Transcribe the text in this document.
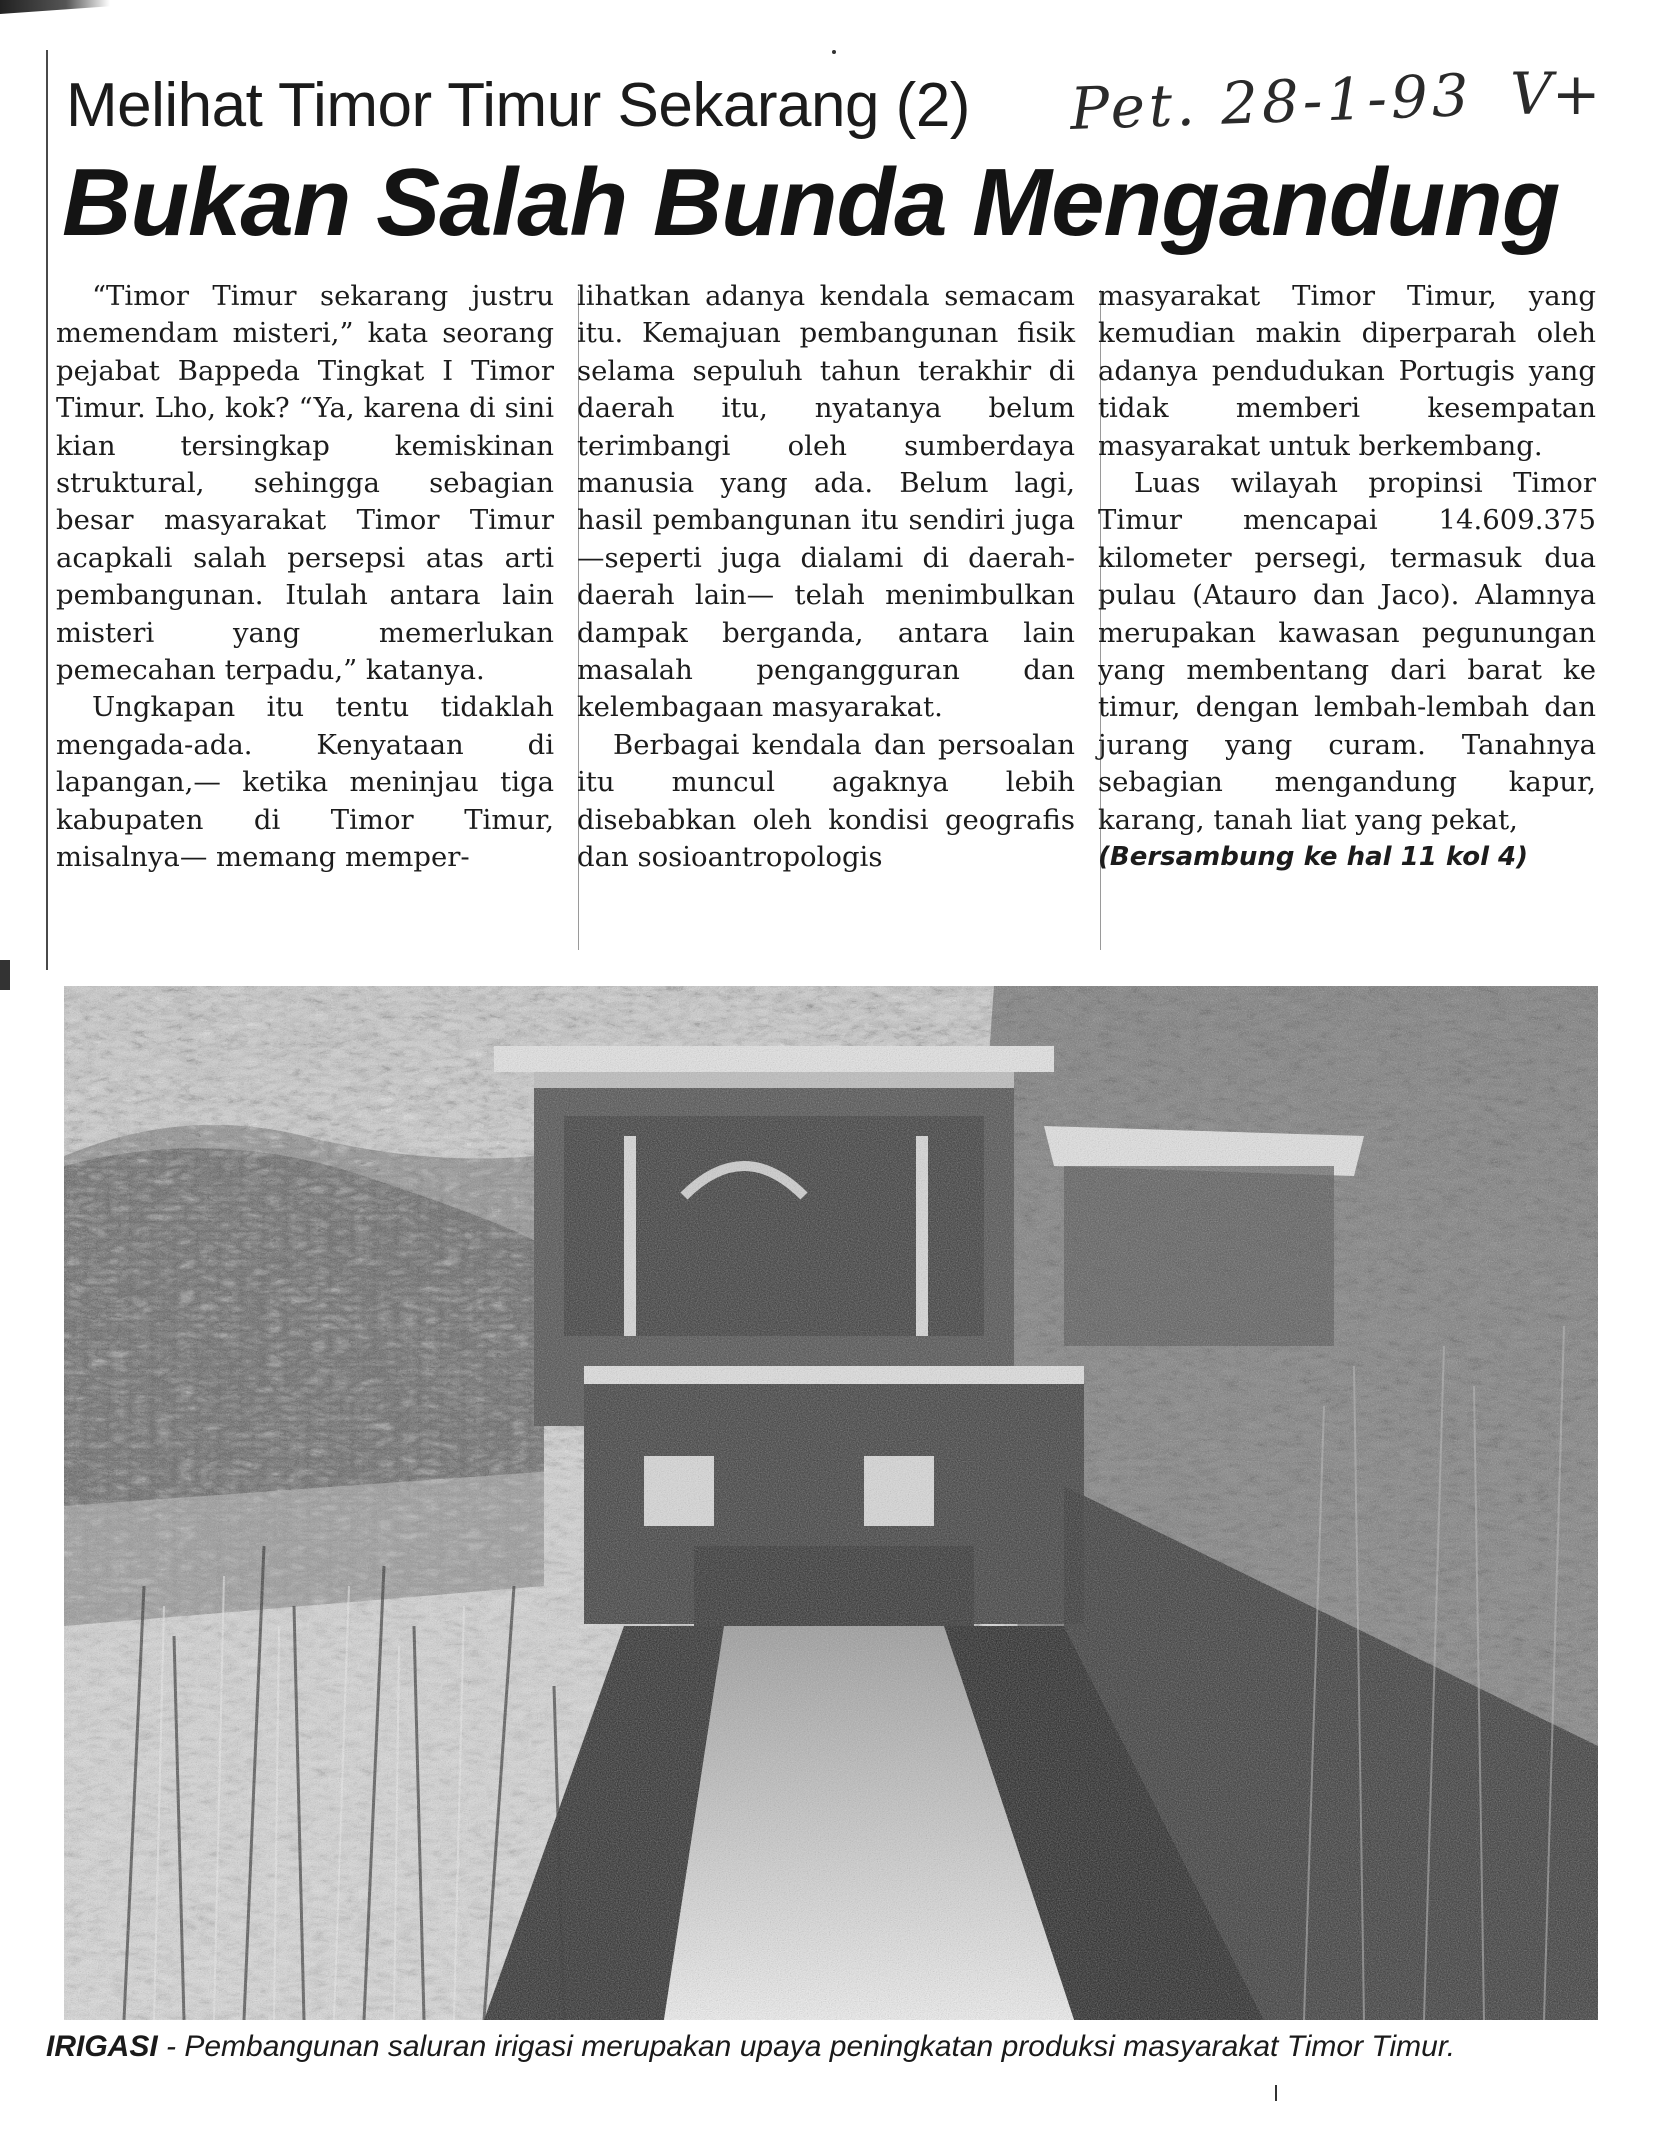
Melihat Timor Timur Sekarang (2) Pet. 28-1-93 V+
Bukan Salah Bunda Mengandung

“Timor Timur sekarang justru memendam misteri,” kata seorang pejabat Bappeda Tingkat I Timor Timur. Lho, kok? “Ya, karena di sini kian tersingkap kemiskinan struktural, sehingga sebagian besar masyarakat Timor Timur acapkali salah persepsi atas arti pembangunan. Itulah antara lain misteri yang memerlukan pemecahan terpadu,” katanya.

Ungkapan itu tentu tidaklah mengada-ada. Kenyataan di lapangan,— ketika meninjau tiga kabupaten di Timor Timur, misalnya— memang memper-

lihatkan adanya kendala semacam itu. Kemajuan pembangunan fisik selama sepuluh tahun terakhir di daerah itu, nyatanya belum terimbangi oleh sumberdaya manusia yang ada. Belum lagi, hasil pembangunan itu sendiri juga—seperti juga dialami di daerah-daerah lain— telah menimbulkan dampak berganda, antara lain masalah pengangguran dan kelembagaan masyarakat.

Berbagai kendala dan persoalan itu muncul agaknya lebih disebabkan oleh kondisi geografis dan sosioantropologis

masyarakat Timor Timur, yang kemudian makin diperparah oleh adanya pendudukan Portugis yang tidak memberi kesempatan masyarakat untuk berkembang.

Luas wilayah propinsi Timor Timur mencapai 14.609.375 kilometer persegi, termasuk dua pulau (Atauro dan Jaco). Alamnya merupakan kawasan pegunungan yang membentang dari barat ke timur, dengan lembah-lembah dan jurang yang curam. Tanahnya sebagian mengandung kapur, karang, tanah liat yang pekat,

(Bersambung ke hal 11 kol 4)
IRIGASI - Pembangunan saluran irigasi merupakan upaya peningkatan produksi masyarakat Timor Timur.
